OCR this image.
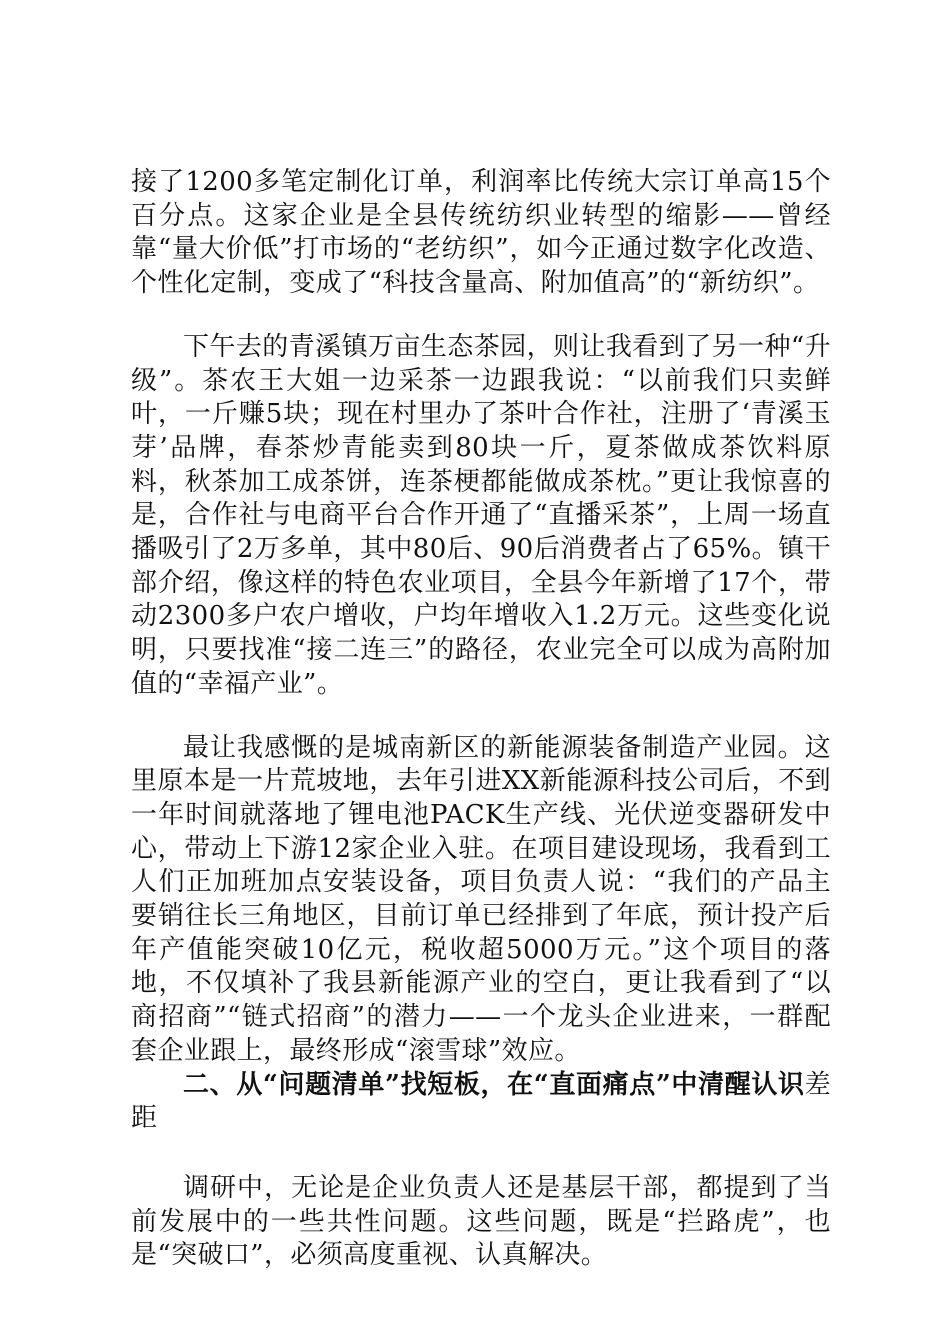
接了1200多笔定制化订单，利润率比传统大宗订单高15个百分点。这家企业是全县传统纺织业转型的缩影——曾经靠“量大价低”打市场的“老纺织”，如今正通过数字化改造、个性化定制，变成了“科技含量高、附加值高”的“新纺织”。

下午去的青溪镇万亩生态茶园，则让我看到了另一种“升级”。茶农王大姐一边采茶一边跟我说：“以前我们只卖鲜叶，一斤赚5块；现在村里办了茶叶合作社，注册了‘青溪玉芽’品牌，春茶炒青能卖到80块一斤，夏茶做成茶饮料原料，秋茶加工成茶饼，连茶梗都能做成茶枕。”更让我惊喜的是，合作社与电商平台合作开通了“直播采茶”，上周一场直播吸引了2万多单，其中80后、90后消费者占了65%。镇干部介绍，像这样的特色农业项目，全县今年新增了17个，带动2300多户农户增收，户均年增收入1.2万元。这些变化说明，只要找准“接二连三”的路径，农业完全可以成为高附加值的“幸福产业”。

最让我感慨的是城南新区的新能源装备制造产业园。这里原本是一片荒坡地，去年引进XX新能源科技公司后，不到一年时间就落地了锂电池PACK生产线、光伏逆变器研发中心，带动上下游12家企业入驻。在项目建设现场，我看到工人们正加班加点安装设备，项目负责人说：“我们的产品主要销往长三角地区，目前订单已经排到了年底，预计投产后年产值能突破10亿元，税收超5000万元。”这个项目的落地，不仅填补了我县新能源产业的空白，更让我看到了“以商招商”“链式招商”的潜力——一个龙头企业进来，一群配套企业跟上，最终形成“滚雪球”效应。

二、从“问题清单”找短板，在“直面痛点”中清醒认识差距

调研中，无论是企业负责人还是基层干部，都提到了当前发展中的一些共性问题。这些问题，既是“拦路虎”，也是“突破口”，必须高度重视、认真解决。
